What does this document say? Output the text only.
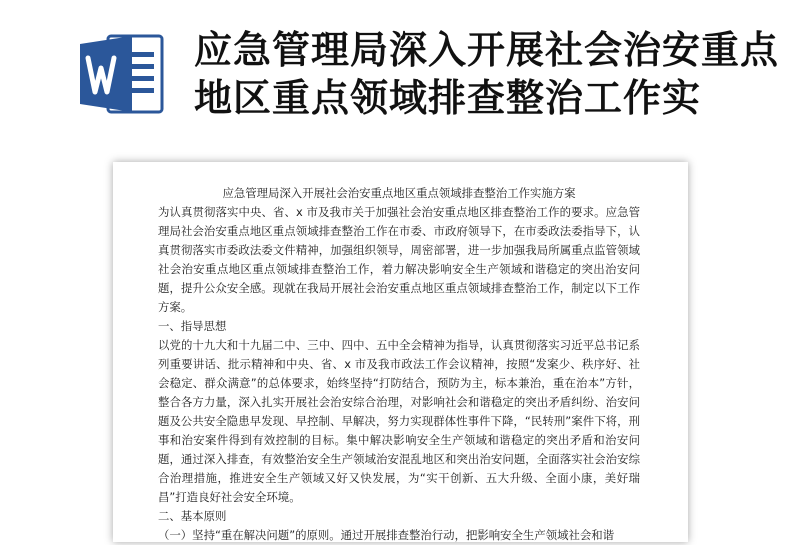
应急管理局深入开展社会治安重点地区重点领域排查整治工作实

应急管理局深入开展社会治安重点地区重点领域排查整治工作实施方案

为认真贯彻落实中央、省、x 市及我市关于加强社会治安重点地区排查整治工作的要求。应急管理局社会治安重点地区重点领域排查整治工作在市委、市政府领导下，在市委政法委指导下，认真贯彻落实市委政法委文件精神，加强组织领导，周密部署，进一步加强我局所属重点监管领域社会治安重点地区重点领域排查整治工作，着力解决影响安全生产领域和谐稳定的突出治安问题，提升公众安全感。现就在我局开展社会治安重点地区重点领域排查整治工作，制定以下工作方案。

一、指导思想

以党的十九大和十九届二中、三中、四中、五中全会精神为指导，认真贯彻落实习近平总书记系列重要讲话、批示精神和中央、省、x 市及我市政法工作会议精神，按照“发案少、秩序好、社会稳定、群众满意”的总体要求，始终坚持“打防结合，预防为主，标本兼治，重在治本”方针，整合各方力量，深入扎实开展社会治安综合治理，对影响社会和谐稳定的突出矛盾纠纷、治安问题及公共安全隐患早发现、早控制、早解决，努力实现群体性事件下降，“民转刑”案件下将，刑事和治安案件得到有效控制的目标。集中解决影响安全生产领域和谐稳定的突出矛盾和治安问题，通过深入排查，有效整治安全生产领域治安混乱地区和突出治安问题，全面落实社会治安综合治理措施，推进安全生产领域又好又快发展，为“实干创新、五大升级、全面小康，美好瑞昌”打造良好社会安全环境。

二、基本原则

（一）坚持“重在解决问题”的原则。通过开展排查整治行动，把影响安全生产领域社会和谐
